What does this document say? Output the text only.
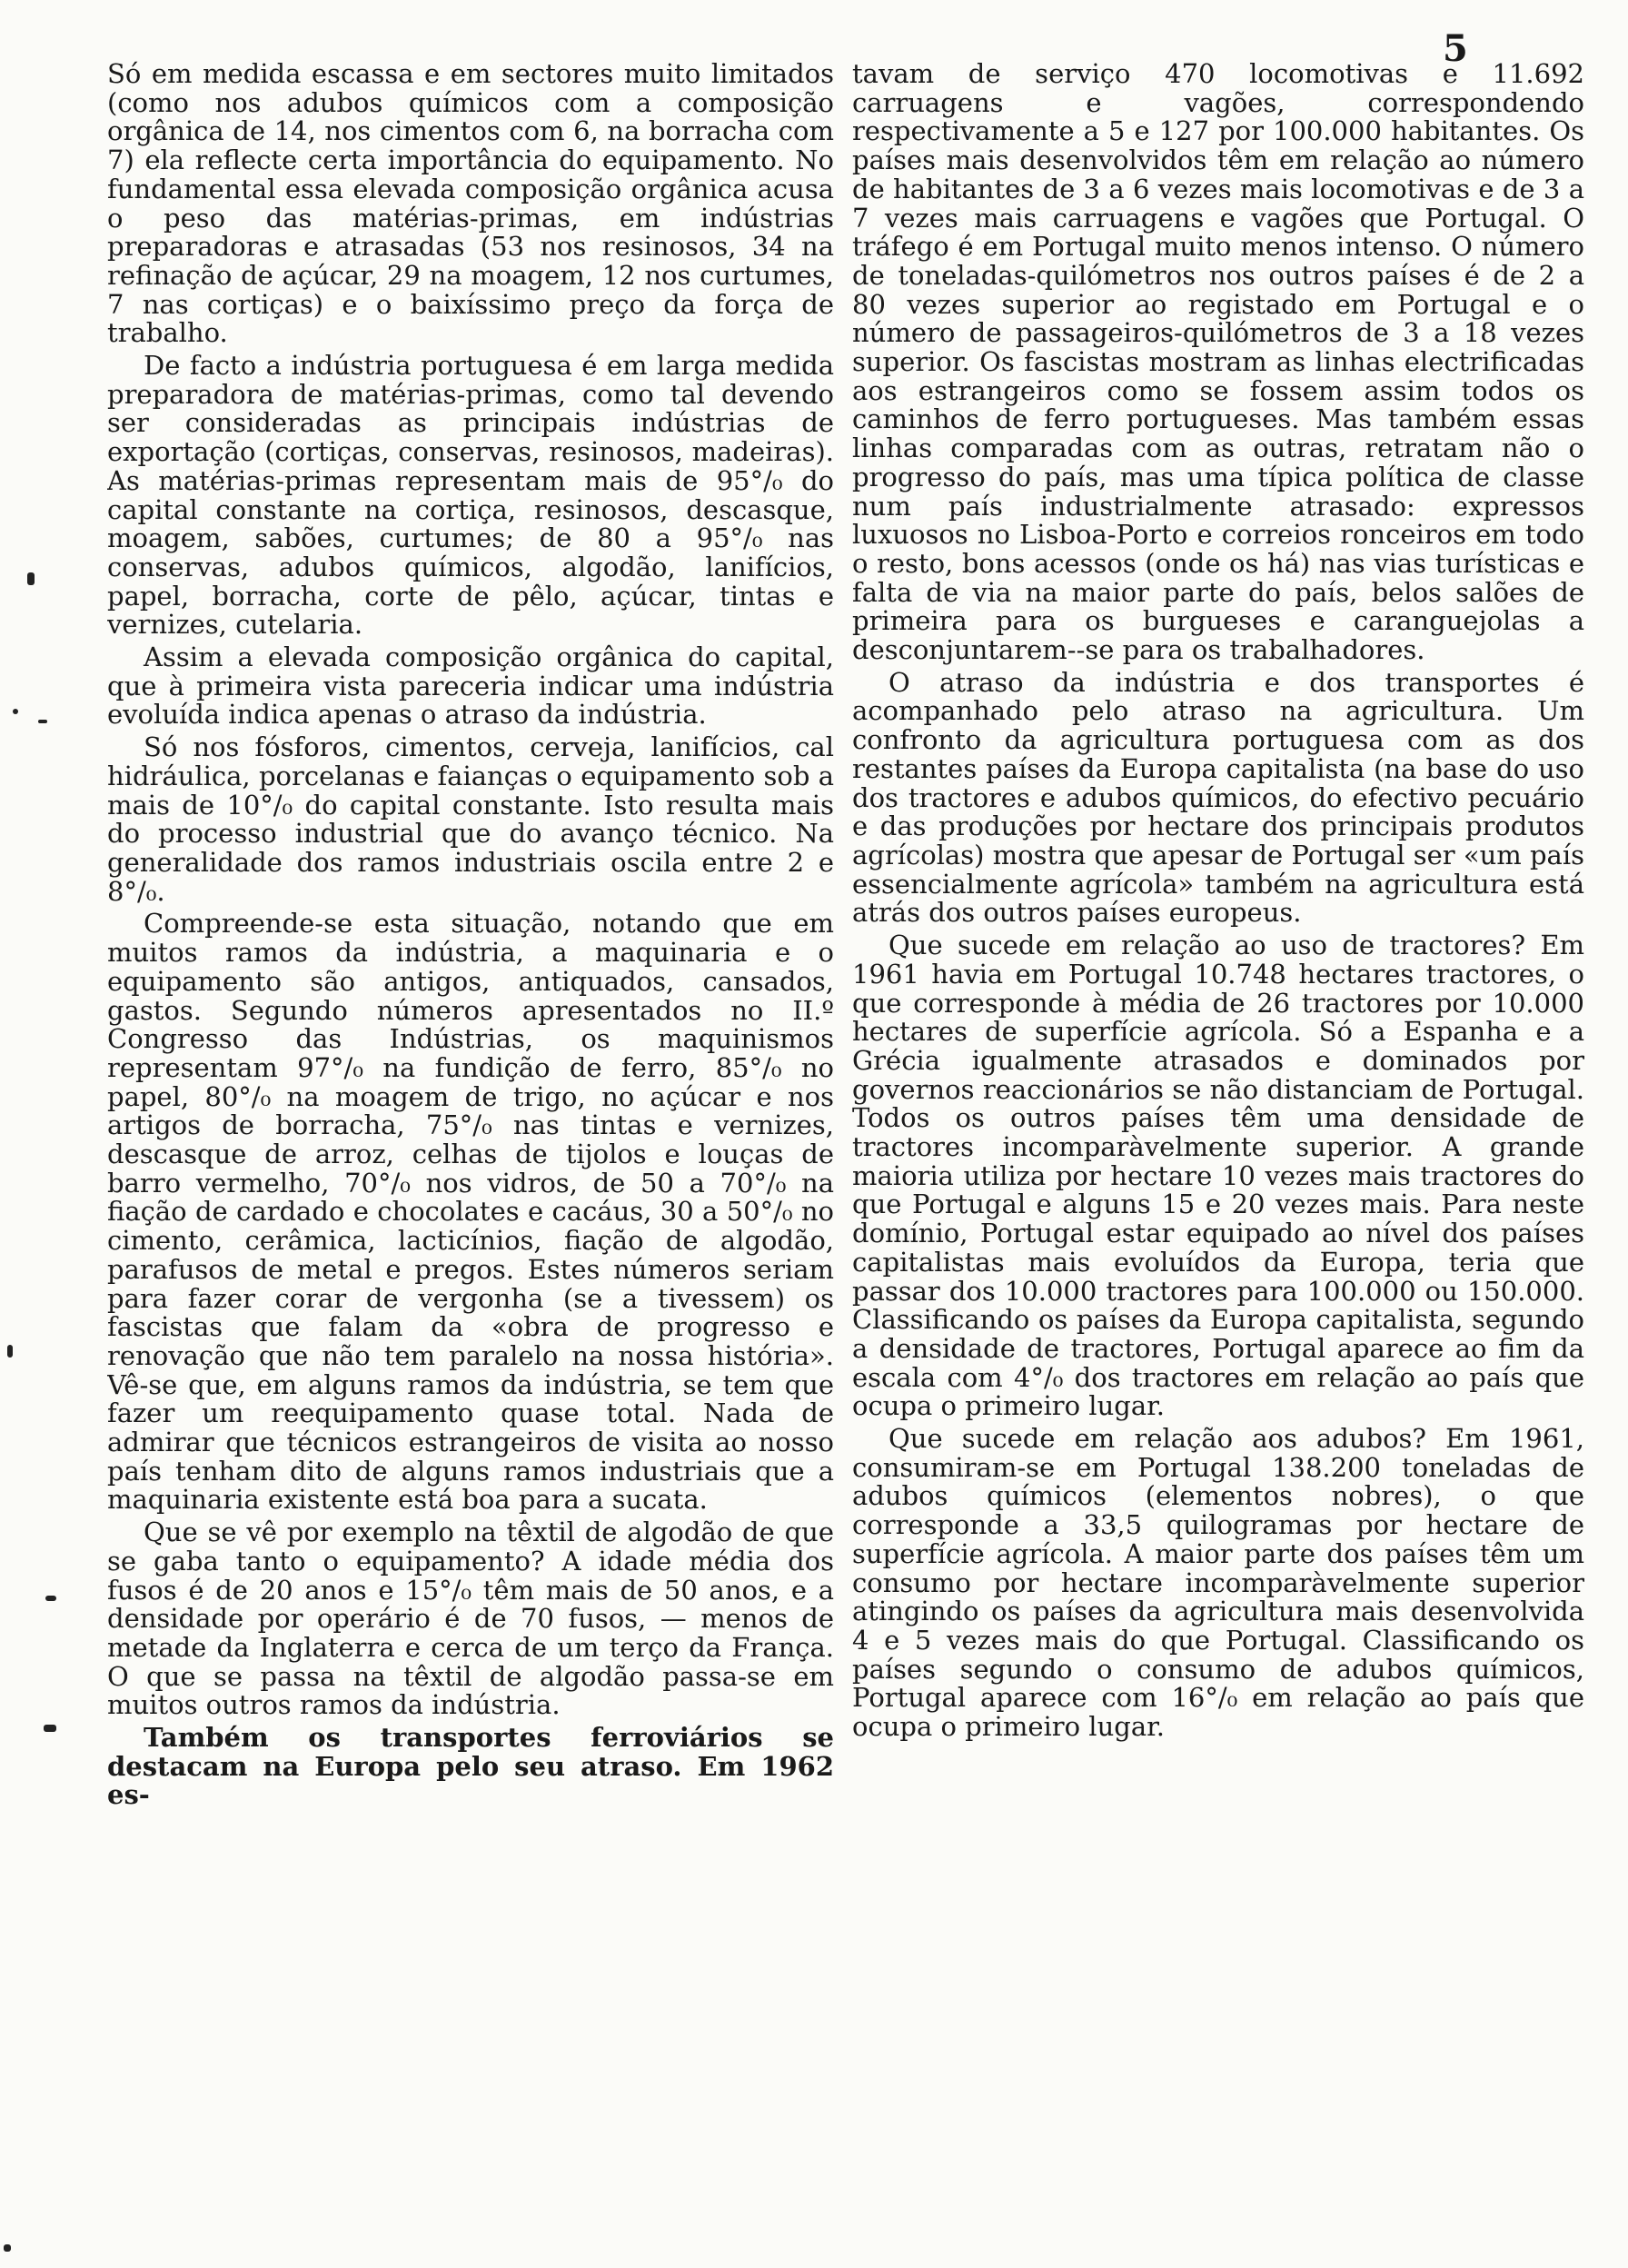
5

Só em medida escassa e em sectores muito limitados (como nos adubos químicos com a composição orgânica de 14, nos cimentos com 6, na borracha com 7) ela reflecte certa importância do equipamento. No fundamental essa elevada composição orgânica acusa o peso das matérias-primas, em indústrias preparadoras e atrasadas (53 nos resinosos, 34 na refinação de açúcar, 29 na moagem, 12 nos curtumes, 7 nas cortiças) e o baixíssimo preço da força de trabalho.

De facto a indústria portuguesa é em larga medida preparadora de matérias-primas, como tal devendo ser consideradas as principais indústrias de exportação (cortiças, conservas, resinosos, madeiras). As matérias-primas representam mais de 95°/₀ do capital constante na cortiça, resinosos, descasque, moagem, sabões, curtumes; de 80 a 95°/₀ nas conservas, adubos químicos, algodão, lanifícios, papel, borracha, corte de pêlo, açúcar, tintas e vernizes, cutelaria.

Assim a elevada composição orgânica do capital, que à primeira vista pareceria indicar uma indústria evoluída indica apenas o atraso da indústria.

Só nos fósforos, cimentos, cerveja, lanifícios, cal hidráulica, porcelanas e faianças o equipamento sob a mais de 10°/₀ do capital constante. Isto resulta mais do processo industrial que do avanço técnico. Na generalidade dos ramos industriais oscila entre 2 e 8°/₀.

Compreende-se esta situação, notando que em muitos ramos da indústria, a maquinaria e o equipamento são antigos, antiquados, cansados, gastos. Segundo números apresentados no II.º Congresso das Indústrias, os maquinismos representam 97°/₀ na fundição de ferro, 85°/₀ no papel, 80°/₀ na moagem de trigo, no açúcar e nos artigos de borracha, 75°/₀ nas tintas e vernizes, descasque de arroz, celhas de tijolos e louças de barro vermelho, 70°/₀ nos vidros, de 50 a 70°/₀ na fiação de cardado e chocolates e cacáus, 30 a 50°/₀ no cimento, cerâmica, lacticínios, fiação de algodão, parafusos de metal e pregos. Estes números seriam para fazer corar de vergonha (se a tivessem) os fascistas que falam da «obra de progresso e renovação que não tem paralelo na nossa história». Vê-se que, em alguns ramos da indústria, se tem que fazer um reequipamento quase total. Nada de admirar que técnicos estrangeiros de visita ao nosso país tenham dito de alguns ramos industriais que a maquinaria existente está boa para a sucata.

Que se vê por exemplo na têxtil de algodão de que se gaba tanto o equipamento? A idade média dos fusos é de 20 anos e 15°/₀ têm mais de 50 anos, e a densidade por operário é de 70 fusos, — menos de metade da Inglaterra e cerca de um terço da França. O que se passa na têxtil de algodão passa-se em muitos outros ramos da indústria.

Também os transportes ferroviários se destacam na Europa pelo seu atraso. Em 1962 es-

tavam de serviço 470 locomotivas e 11.692 carruagens e vagões, correspondendo respectivamente a 5 e 127 por 100.000 habitantes. Os países mais desenvolvidos têm em relação ao número de habitantes de 3 a 6 vezes mais locomotivas e de 3 a 7 vezes mais carruagens e vagões que Portugal. O tráfego é em Portugal muito menos intenso. O número de toneladas-quilómetros nos outros países é de 2 a 80 vezes superior ao registado em Portugal e o número de passageiros-quilómetros de 3 a 18 vezes superior. Os fascistas mostram as linhas electrificadas aos estrangeiros como se fossem assim todos os caminhos de ferro portugueses. Mas também essas linhas comparadas com as outras, retratam não o progresso do país, mas uma típica política de classe num país industrialmente atrasado: expressos luxuosos no Lisboa-Porto e correios ronceiros em todo o resto, bons acessos (onde os há) nas vias turísticas e falta de via na maior parte do país, belos salões de primeira para os burgueses e caranguejolas a desconjuntarem--se para os trabalhadores.

O atraso da indústria e dos transportes é acompanhado pelo atraso na agricultura. Um confronto da agricultura portuguesa com as dos restantes países da Europa capitalista (na base do uso dos tractores e adubos químicos, do efectivo pecuário e das produções por hectare dos principais produtos agrícolas) mostra que apesar de Portugal ser «um país essencialmente agrícola» também na agricultura está atrás dos outros países europeus.

Que sucede em relação ao uso de tractores? Em 1961 havia em Portugal 10.748 hectares tractores, o que corresponde à média de 26 tractores por 10.000 hectares de superfície agrícola. Só a Espanha e a Grécia igualmente atrasados e dominados por governos reaccionários se não distanciam de Portugal. Todos os outros países têm uma densidade de tractores incomparàvelmente superior. A grande maioria utiliza por hectare 10 vezes mais tractores do que Portugal e alguns 15 e 20 vezes mais. Para neste domínio, Portugal estar equipado ao nível dos países capitalistas mais evoluídos da Europa, teria que passar dos 10.000 tractores para 100.000 ou 150.000. Classificando os países da Europa capitalista, segundo a densidade de tractores, Portugal aparece ao fim da escala com 4°/₀ dos tractores em relação ao país que ocupa o primeiro lugar.

Que sucede em relação aos adubos? Em 1961, consumiram-se em Portugal 138.200 toneladas de adubos químicos (elementos nobres), o que corresponde a 33,5 quilogramas por hectare de superfície agrícola. A maior parte dos países têm um consumo por hectare incomparàvelmente superior atingindo os países da agricultura mais desenvolvida 4 e 5 vezes mais do que Portugal. Classificando os países segundo o consumo de adubos químicos, Portugal aparece com 16°/₀ em relação ao país que ocupa o primeiro lugar.
